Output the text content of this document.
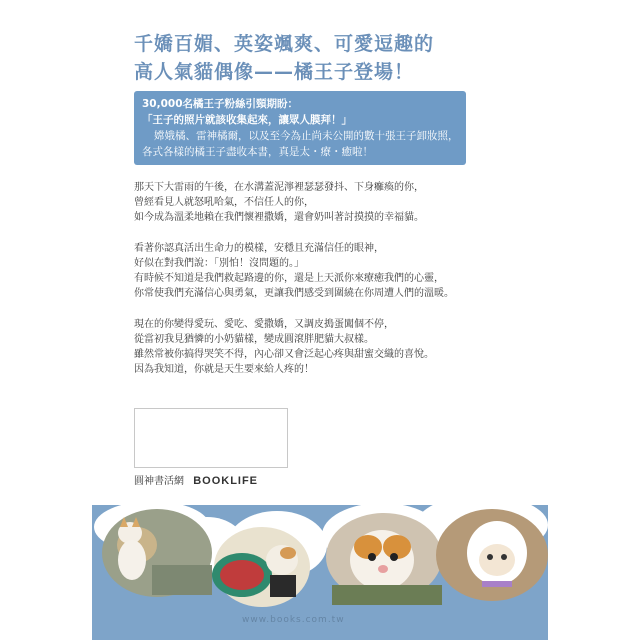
千嬌百媚、英姿颯爽、可愛逗趣的
高人氣貓偶像——橘王子登場！
30,000名橘王子粉絲引頸期盼：
「王子的照片就該收集起來，讓眾人膜拜！」
嫦娥橘、雷神橘爾，以及至今為止尚未公開的數十張王子卸妝照，
各式各樣的橘王子盡收本書，真是太・療・癒啦！

那天下大雷雨的午後，在水溝蓋泥濘裡瑟瑟發抖、下身癱瘓的你，
曾經看見人就怒吼哈氣，不信任人的你，
如今成為溫柔地賴在我們懷裡撒嬌，還會奶叫著討摸摸的幸福貓。

看著你認真活出生命力的模樣，安穩且充滿信任的眼神，
好似在對我們說：「別怕！沒問題的。」
有時候不知道是我們救起路邊的你，還是上天派你來療癒我們的心靈，
你常使我們充滿信心與勇氣，更讓我們感受到圍繞在你周遭人們的溫暖。

現在的你變得愛玩、愛吃、愛撒嬌，又調皮搗蛋闖個不停，
從當初我見猶憐的小奶貓樣，變成圓滾胖肥貓大叔樣。
雖然常被你搞得哭笑不得，內心卻又會泛起心疼與甜蜜交織的喜悅。
因為我知道，你就是天生要來給人疼的！

圓神書活網 BOOKLIFE
www.books.com.tw
